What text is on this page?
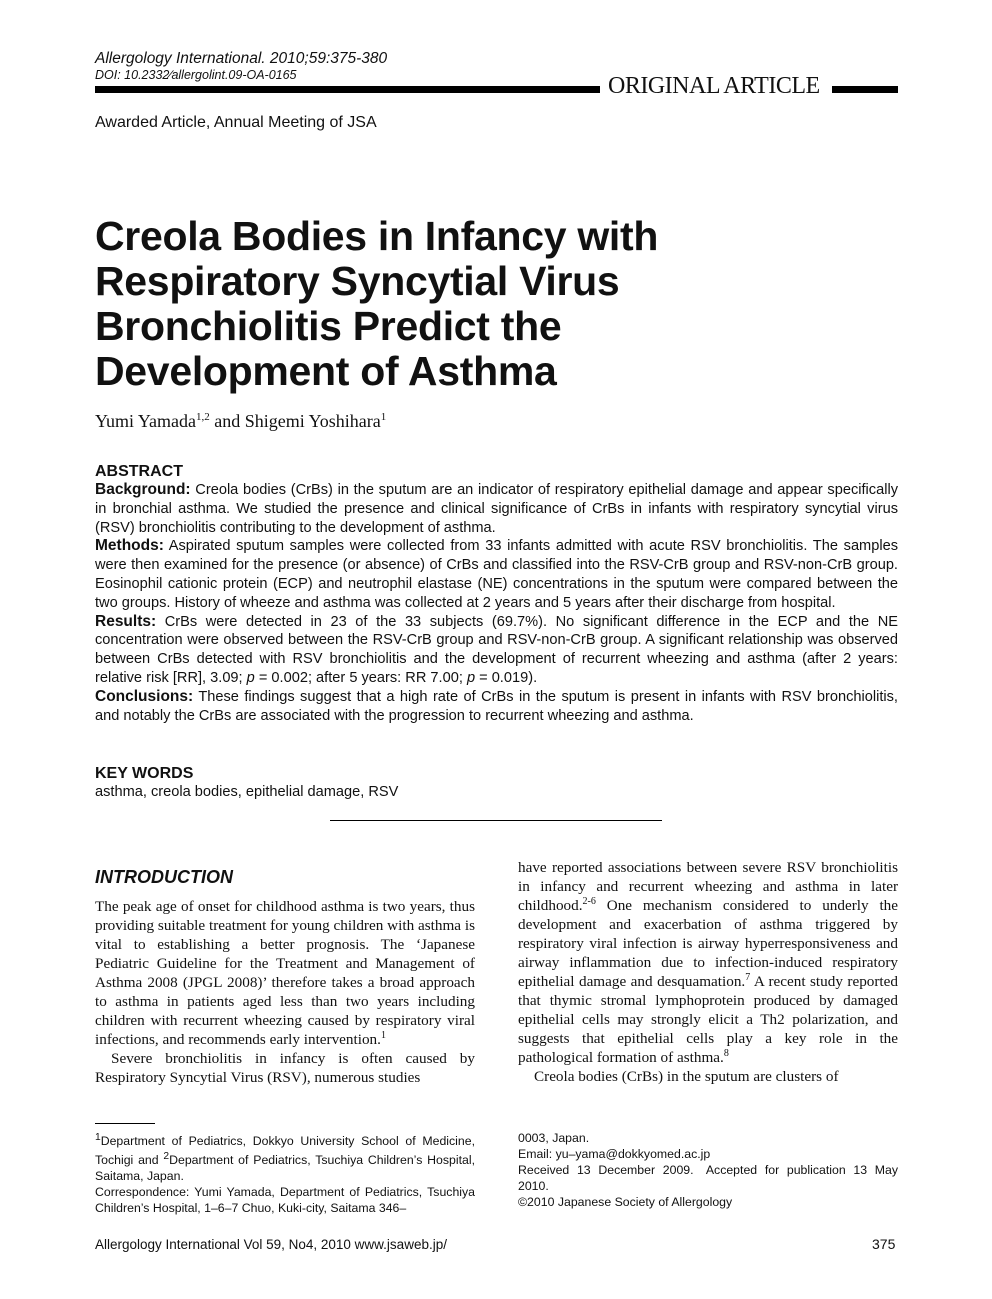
Allergology International. 2010;59:375-380
DOI: 10.2332∕allergolint.09-OA-0165	ORIGINAL ARTICLE
Awarded Article, Annual Meeting of JSA
Creola Bodies in Infancy with Respiratory Syncytial Virus Bronchiolitis Predict the Development of Asthma
Yumi Yamada$^{1,2}$ and Shigemi Yoshihara$^1$
ABSTRACT

Background: Creola bodies (CrBs) in the sputum are an indicator of respiratory epithelial damage and appear specifically in bronchial asthma. We studied the presence and clinical significance of CrBs in infants with respiratory syncytial virus (RSV) bronchiolitis contributing to the development of asthma.

Methods: Aspirated sputum samples were collected from 33 infants admitted with acute RSV bronchiolitis. The samples were then examined for the presence (or absence) of CrBs and classified into the RSV-CrB group and RSV-non-CrB group. Eosinophil cationic protein (ECP) and neutrophil elastase (NE) concentrations in the sputum were compared between the two groups. History of wheeze and asthma was collected at 2 years and 5 years after their discharge from hospital.

Results: CrBs were detected in 23 of the 33 subjects (69.7%). No significant difference in the ECP and the NE concentration were observed between the RSV-CrB group and RSV-non-CrB group. A significant relationship was observed between CrBs detected with RSV bronchiolitis and the development of recurrent wheezing and asthma (after 2 years: relative risk [RR], 3.09; p = 0.002; after 5 years: RR 7.00; p = 0.019).

Conclusions: These findings suggest that a high rate of CrBs in the sputum is present in infants with RSV bronchiolitis, and notably the CrBs are associated with the progression to recurrent wheezing and asthma.

KEY WORDS
asthma, creola bodies, epithelial damage, RSV
INTRODUCTION

The peak age of onset for childhood asthma is two years, thus providing suitable treatment for young children with asthma is vital to establishing a better prognosis. The ‘Japanese Pediatric Guideline for the Treatment and Management of Asthma 2008 (JPGL 2008)’ therefore takes a broad approach to asthma in patients aged less than two years including children with recurrent wheezing caused by respiratory viral infections, and recommends early intervention.$^1$

Severe bronchiolitis in infancy is often caused by Respiratory Syncytial Virus (RSV), numerous studies

have reported associations between severe RSV bronchiolitis in infancy and recurrent wheezing and asthma in later childhood.$^{2-6}$ One mechanism considered to underly the development and exacerbation of asthma triggered by respiratory viral infection is airway hyperresponsiveness and airway inflammation due to infection-induced respiratory epithelial damage and desquamation.$^7$ A recent study reported that thymic stromal lymphoprotein produced by damaged epithelial cells may strongly elicit a Th2 polarization, and suggests that epithelial cells play a key role in the pathological formation of asthma.$^8$

Creola bodies (CrBs) in the sputum are clusters of

$^1$Department of Pediatrics, Dokkyo University School of Medicine, Tochigi and $^2$Department of Pediatrics, Tsuchiya Children’s Hospital, Saitama, Japan.

Correspondence: Yumi Yamada, Department of Pediatrics, Tsuchiya Children’s Hospital, 1–6–7 Chuo, Kuki-city, Saitama 346–

0003, Japan.

Email: yu–yama@dokkyomed.ac.jp

Received 13 December 2009. Accepted for publication 13 May 2010.

©2010 Japanese Society of Allergology

Allergology International Vol 59, No4, 2010 www.jsaweb.jp/	375
